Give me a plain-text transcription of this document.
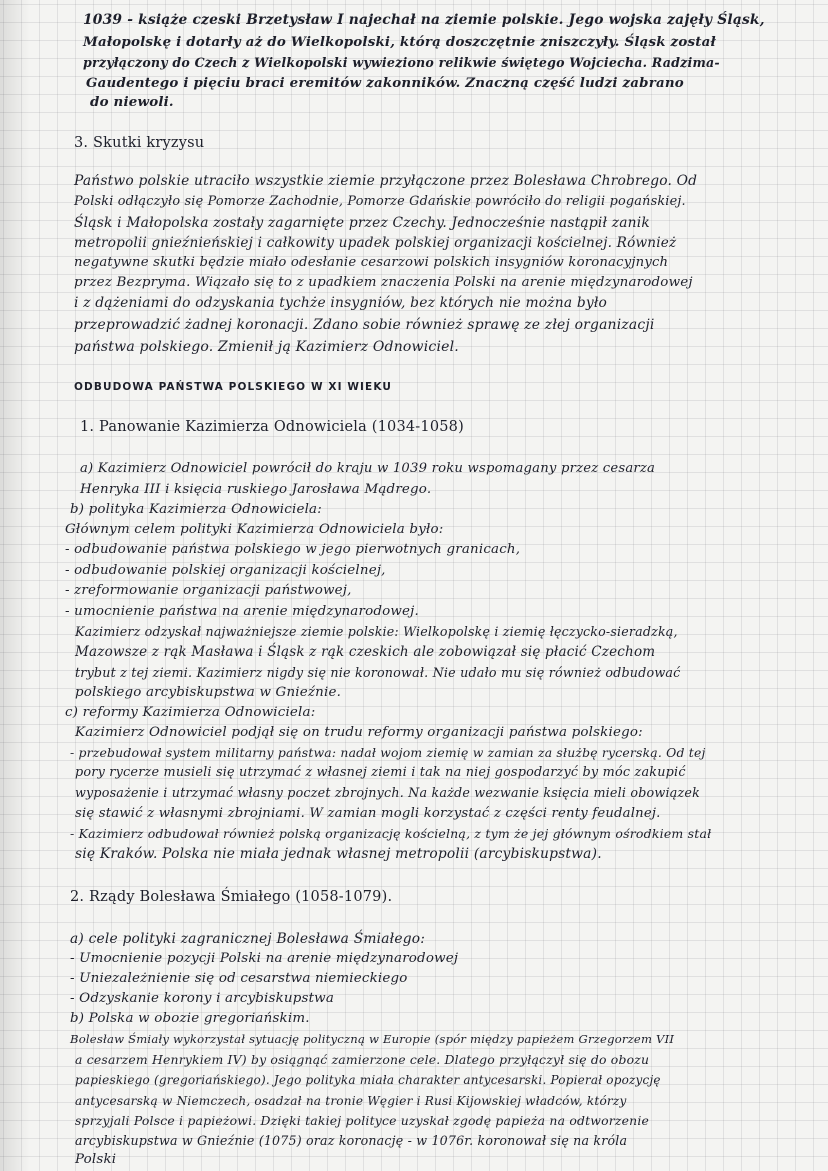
1039 - książe czeski Brzetysław I najechał na ziemie polskie. Jego wojska zajęły Śląsk,

Małopolskę i dotarły aż do Wielkopolski, którą doszczętnie zniszczyły. Śląsk został

przyłączony do Czech z Wielkopolski wywieziono relikwie świętego Wojciecha. Radzima-

Gaudentego i pięciu braci eremitów zakonników. Znaczną część ludzi zabrano

do niewoli.

3. Skutki kryzysu

Państwo polskie utraciło wszystkie ziemie przyłączone przez Bolesława Chrobrego. Od

Polski odłączyło się Pomorze Zachodnie, Pomorze Gdańskie powróciło do religii pogańskiej.

Śląsk i Małopolska zostały zagarnięte przez Czechy. Jednocześnie nastąpił zanik

metropolii gnieźnieńskiej i całkowity upadek polskiej organizacji kościelnej. Również

negatywne skutki będzie miało odesłanie cesarzowi polskich insygniów koronacyjnych

przez Bezpryma. Wiązało się to z upadkiem znaczenia Polski na arenie międzynarodowej

i z dążeniami do odzyskania tychże insygniów, bez których nie można było

przeprowadzić żadnej koronacji. Zdano sobie również sprawę ze złej organizacji

państwa polskiego. Zmienił ją Kazimierz Odnowiciel.

ODBUDOWA PAŃSTWA POLSKIEGO W XI WIEKU

1. Panowanie Kazimierza Odnowiciela (1034-1058)

a) Kazimierz Odnowiciel powrócił do kraju w 1039 roku wspomagany przez cesarza

Henryka III i księcia ruskiego Jarosława Mądrego.

b) polityka Kazimierza Odnowiciela:

Głównym celem polityki Kazimierza Odnowiciela było:

- odbudowanie państwa polskiego w jego pierwotnych granicach,

- odbudowanie polskiej organizacji kościelnej,

- zreformowanie organizacji państwowej,

- umocnienie państwa na arenie międzynarodowej.

Kazimierz odzyskał najważniejsze ziemie polskie: Wielkopolskę i ziemię łęczycko-sieradzką,

Mazowsze z rąk Masława i Śląsk z rąk czeskich ale zobowiązał się płacić Czechom

trybut z tej ziemi. Kazimierz nigdy się nie koronował. Nie udało mu się również odbudować

polskiego arcybiskupstwa w Gnieźnie.

c) reformy Kazimierza Odnowiciela:

Kazimierz Odnowiciel podjął się on trudu reformy organizacji państwa polskiego:

- przebudował system militarny państwa: nadał wojom ziemię w zamian za służbę rycerską. Od tej

pory rycerze musieli się utrzymać z własnej ziemi i tak na niej gospodarzyć by móc zakupić

wyposażenie i utrzymać własny poczet zbrojnych. Na każde wezwanie księcia mieli obowiązek

się stawić z własnymi zbrojniami. W zamian mogli korzystać z części renty feudalnej.

- Kazimierz odbudował również polską organizację kościelną, z tym że jej głównym ośrodkiem stał

się Kraków. Polska nie miała jednak własnej metropolii (arcybiskupstwa).

2. Rządy Bolesława Śmiałego (1058-1079).

a) cele polityki zagranicznej Bolesława Śmiałego:

- Umocnienie pozycji Polski na arenie międzynarodowej

- Uniezależnienie się od cesarstwa niemieckiego

- Odzyskanie korony i arcybiskupstwa

b) Polska w obozie gregoriańskim.

Bolesław Śmiały wykorzystał sytuację polityczną w Europie (spór między papieżem Grzegorzem VII

a cesarzem Henrykiem IV) by osiągnąć zamierzone cele. Dlatego przyłączył się do obozu

papieskiego (gregoriańskiego). Jego polityka miała charakter antycesarski. Popierał opozycję

antycesarską w Niemczech, osadzał na tronie Węgier i Rusi Kijowskiej władców, którzy

sprzyjali Polsce i papieżowi. Dzięki takiej polityce uzyskał zgodę papieża na odtworzenie

arcybiskupstwa w Gnieźnie (1075) oraz koronację - w 1076r. koronował się na króla

Polski
